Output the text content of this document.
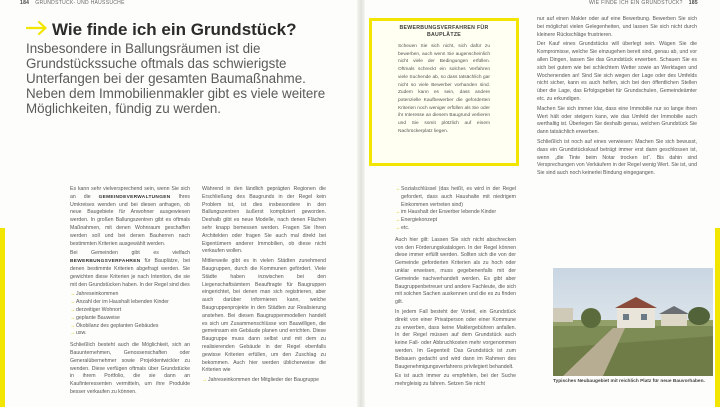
184 GRUNDSTÜCK- UND HAUSSUCHE	WIE FINDE ICH EIN GRUNDSTÜCK? 185
Wie finde ich ein Grundstück?
Insbesondere in Ballungsräumen ist die Grundstückssuche oftmals das schwierigste Unterfangen bei der gesamten Baumaßnahme. Neben dem Immobilienmakler gibt es viele weitere Möglichkeiten, fündig zu werden.

Es kann sehr vielversprechend sein, wenn Sie sich an die GEMEINDEVERWALTUNGEN Ihres Umkreises wenden und bei diesen anfragen, ob neue Baugebiete für Anwohner ausgewiesen werden. In großen Ballungszentren gibt es oftmals Maßnahmen, mit denen Wohnraum geschaffen werden soll und bei denen Bauherren nach bestimmten Kriterien ausgewählt werden.

Bei Gemeinden gibt es vielfach BEWERBUNGSVERFAHREN für Bauplätze, bei denen bestimmte Kriterien abgefragt werden. Sie gewichten diese Kriterien je nach Intention, die sie mit den Grundstücken haben. In der Regel sind dies

→ Jahreseinkommen
→ Anzahl der im Haushalt lebenden Kinder
→ derzeitiger Wohnort
→ geplante Bauweise
→ Ökobilanz des geplanten Gebäudes
→ usw.

Schließlich besteht auch die Möglichkeit, sich an Bauunternehmen, Genossenschaften oder Generalübernehmer sowie Projektentwickler zu wenden. Diese verfügen oftmals über Grundstücke in ihrem Portfolio, die sie dann an Kaufinteressenten vermitteln, um ihre Produkte besser verkaufen zu können.

Während in den ländlich geprägten Regionen die Erschließung des Baugrunds in der Regel kein Problem ist, ist dies insbesondere in den Ballungszentren äußerst kompliziert geworden. Deshalb gibt es neue Modelle, nach denen Flächen sehr knapp bemessen werden. Fragen Sie Ihren Architekten oder fragen Sie auch mal direkt bei Eigentümern anderer Immobilien, ob diese nicht verkaufen wollen.

Mittlerweile gibt es in vielen Städten zunehmend Baugruppen, durch die Kommunen gefördert. Viele Städte haben inzwischen bei den Liegenschaftsämtern Beauftragte für Baugruppen eingerichtet, bei denen man sich registrieren, aber auch darüber informieren kann, welche Baugruppenprojekte in den Städten zur Realisierung anstehen. Bei diesen Baugruppenmodellen handelt es sich um Zusammenschlüsse von Bauwilligen, die gemeinsam ein Gebäude planen und errichten. Diese Baugruppe muss dann selbst und mit dem zu realisierenden Gebäude in der Regel ebenfalls gewisse Kriterien erfüllen, um den Zuschlag zu bekommen. Auch hier werden üblicherweise die Kriterien wie

→ Jahreseinkommen der Mitglieder der Baugruppe
BEWERBUNGSVERFAHREN FÜR BAUPLÄTZE
Scheuen Sie sich nicht, sich dafür zu bewerben, auch wenn Sie augenscheinlich nicht viele der Bedingungen erfüllen. Oftmals schreckt ein solches Verfahren viele Suchende ab, so dass tatsächlich gar nicht so viele Bewerber vorhanden sind. Zudem kann es sein, dass andere potenzielle Kaufbewerber die geforderten Kriterien noch weniger erfüllen als Sie oder ihr Interesse an diesem Baugrund verlieren und Sie somit plötzlich auf einem Nachrückerplatz liegen.
→ Sozialschlüssel (das heißt, es wird in der Regel gefordert, dass auch Haushalte mit niedrigem Einkommen vertreten sind)
→ im Haushalt der Erwerber lebende Kinder
→ Energiekonzept
→ etc.

Auch hier gilt: Lassen Sie sich nicht abschrecken von den Förderungskatalogen. In der Regel können diese immer erfüllt werden. Sollten sich die von der Gemeinde geforderten Kriterien als zu hoch oder unklar erweisen, muss gegebenenfalls mit der Gemeinde nachverhandelt werden. Es gibt aber Baugruppenbetreuer und andere Fachleute, die sich mit solchen Sachen auskennen und die es zu finden gilt.

In jedem Fall besteht der Vorteil, ein Grundstück direkt von einer Privatperson oder einer Kommune zu erwerben, dass keine Maklergebühren anfallen. In der Regel müssen auf dem Grundstück auch keine Fall- oder Abbruchkosten mehr vorgenommen werden. Im Gegenteil: Das Grundstück ist zum Bebauen gedacht und wird dann im Rahmen des Baugenehmigungsverfahrens privilegiert behandelt.

Es ist auch immer zu empfehlen, bei der Suche mehrgleisig zu fahren. Setzen Sie nicht

nur auf einen Makler oder auf eine Bewerbung. Bewerben Sie sich bei möglichst vielen Gelegenheiten, und lassen Sie sich nicht durch kleinere Rückschläge frustrieren.

Der Kauf eines Grundstücks will überlegt sein. Wägen Sie die Kompromisse, welche Sie einzugehen bereit sind, genau ab, und vor allen Dingen, lassen Sie das Grundstück erwerben. Schauen Sie es sich bei gutem wie bei schlechtem Wetter sowie an Werktagen und Wochenenden an! Sind Sie sich wegen der Lage oder des Umfelds nicht sicher, kann es auch helfen, sich bei den öffentlichen Stellen über die Lage, das Erfolgsgebiet für Grundschulen, Gemeindeämter etc. zu erkundigen.

Machen Sie sich immer klar, dass eine Immobilie nur so lange ihren Wert hält oder steigern kann, wie das Umfeld der Immobilie auch werthaltig ist. Überlegen Sie deshalb genau, welchen Grundstück Sie dann tatsächlich erwerben.

Schließlich ist noch auf eines verwiesen: Machen Sie sich bewusst, dass ein Grundstückskauf beträgt immer erst dann geschlossen ist, wenn „die Tinte beim Notar trocken ist“. Bis dahin sind Versprechungen von Verkäufern in der Regel wenig Wert. Sie ist, und Sie sind auch noch keinerlei Bindung eingegangen.

Typisches Neubaugebiet mit reichlich Platz für neue Bauvorhaben.
